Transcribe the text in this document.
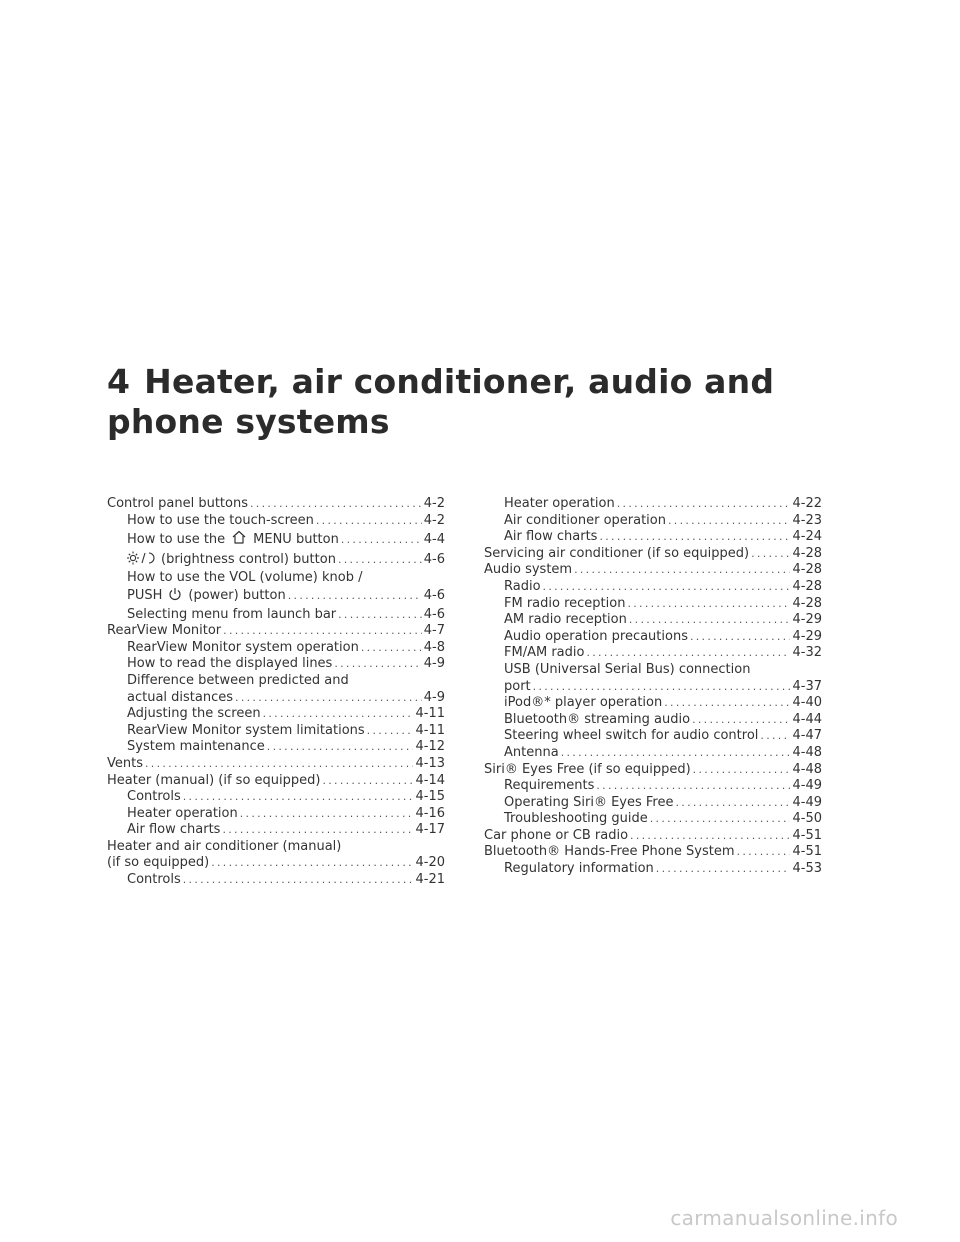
4 Heater, air conditioner, audio and
phone systems
Control panel buttons . . .	4-2
How to use the touch-screen . . .	4-2
How to use the MENU button . . .	4-4
(brightness control) button . . .	4-6
How to use the VOL (volume) knob /
PUSH (power) button . . .	4-6
Selecting menu from launch bar . . .	4-6
RearView Monitor . . .	4-7
RearView Monitor system operation . . .	4-8
How to read the displayed lines . . .	4-9
Difference between predicted and
actual distances . . .	4-9
Adjusting the screen . . .	4-11
RearView Monitor system limitations . . .	4-11
System maintenance . . .	4-12
Vents . . .	4-13
Heater (manual) (if so equipped) . . .	4-14
Controls . . .	4-15
Heater operation . . .	4-16
Air flow charts . . .	4-17
Heater and air conditioner (manual)
(if so equipped) . . .	4-20
Controls . . .	4-21
Heater operation . . .	4-22
Air conditioner operation . . .	4-23
Air flow charts . . .	4-24
Servicing air conditioner (if so equipped) . . .	4-28
Audio system . . .	4-28
Radio . . .	4-28
FM radio reception . . .	4-28
AM radio reception . . .	4-29
Audio operation precautions . . .	4-29
FM/AM radio . . .	4-32
USB (Universal Serial Bus) connection
port . . .	4-37
iPod®* player operation . . .	4-40
Bluetooth® streaming audio . . .	4-44
Steering wheel switch for audio control . . .	4-47
Antenna . . .	4-48
Siri® Eyes Free (if so equipped) . . .	4-48
Requirements . . .	4-49
Operating Siri® Eyes Free . . .	4-49
Troubleshooting guide . . .	4-50
Car phone or CB radio . . .	4-51
Bluetooth® Hands-Free Phone System . . .	4-51
Regulatory information . . .	4-53
carmanualsonline.info
